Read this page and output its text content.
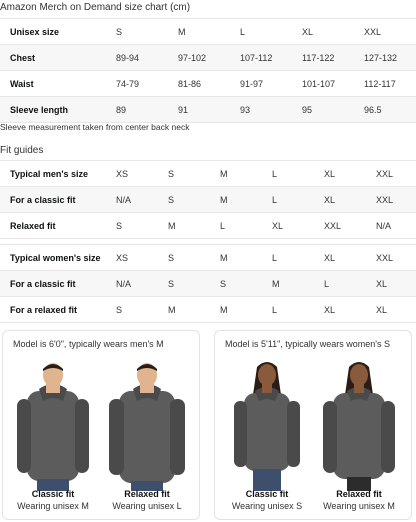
Amazon Merch on Demand size chart (cm)
Unisex size	S	M	L	XL	XXL
Chest	89-94	97-102	107-112	117-122	127-132
Waist	74-79	81-86	91-97	101-107	112-117
Sleeve length	89	91	93	95	96.5
Sleeve measurement taken from center back neck
Fit guides
Typical men's size	XS	S	M	L	XL	XXL
For a classic fit	N/A	S	M	L	XL	XXL
Relaxed fit	S	M	L	XL	XXL	N/A
Typical women's size	XS	S	M	L	XL	XXL
For a classic fit	N/A	S	S	M	L	XL
For a relaxed fit	S	M	M	L	XL	XL
Model is 6'0", typically wears men's M
Classic fit
Wearing unisex M
Relaxed fit
Wearing unisex L
Model is 5'11", typically wears women's S
Classic fit
Wearing unisex S
Relaxed fit
Wearing unisex M
